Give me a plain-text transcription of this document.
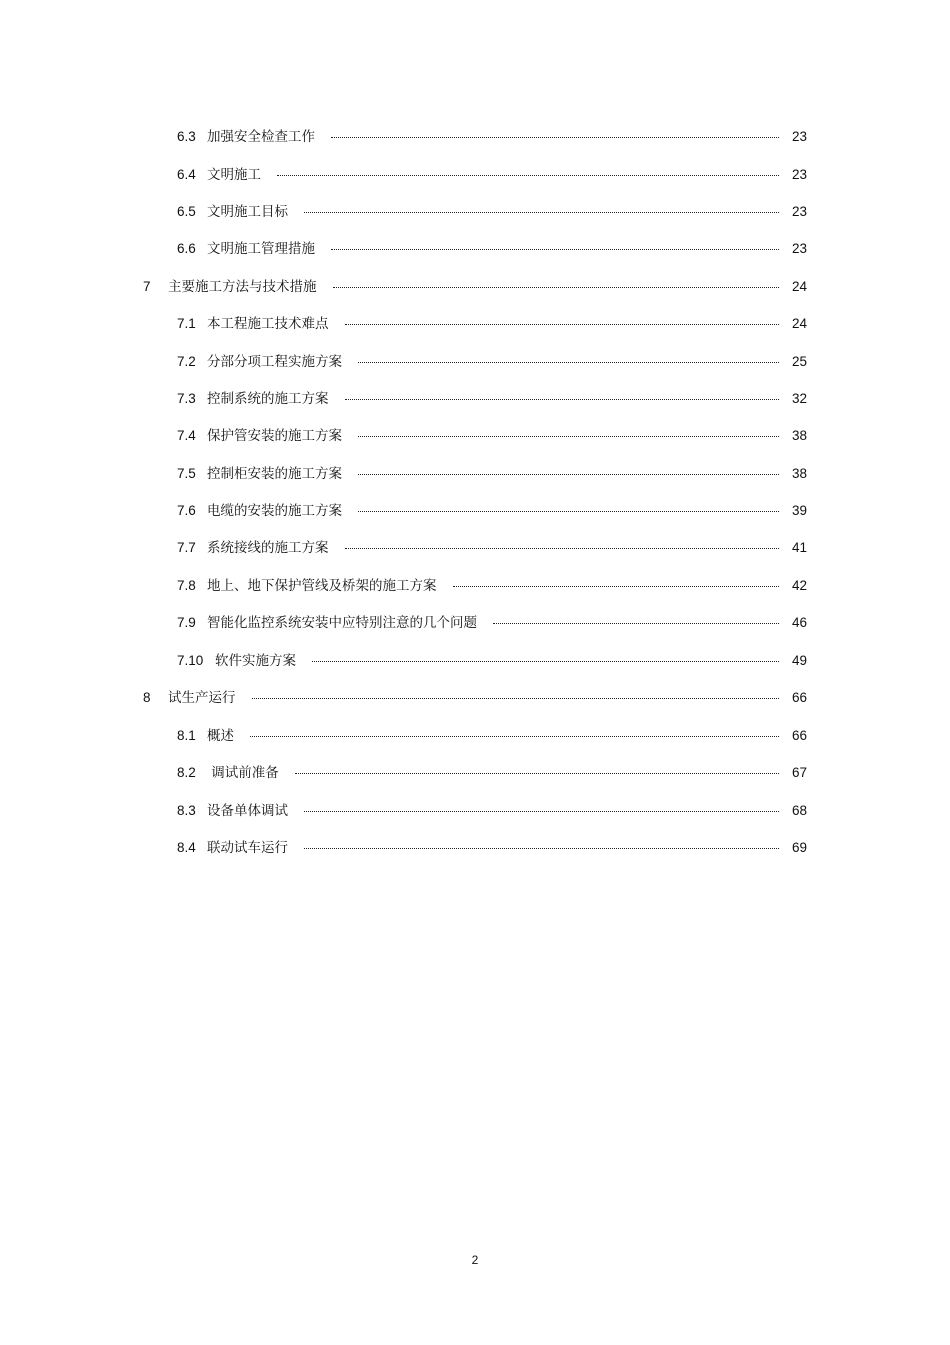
6.3 加强安全检查工作	23
6.4 文明施工	23
6.5 文明施工目标	23
6.6 文明施工管理措施	23
7	主要施工方法与技术措施	24
7.1 本工程施工技术难点	24
7.2 分部分项工程实施方案	25
7.3 控制系统的施工方案	32
7.4 保护管安装的施工方案	38
7.5 控制柜安装的施工方案	38
7.6 电缆的安装的施工方案	39
7.7 系统接线的施工方案	41
7.8 地上、地下保护管线及桥架的施工方案	42
7.9 智能化监控系统安装中应特别注意的几个问题	46
7.10 软件实施方案	49
8	试生产运行	66
8.1 概述	66
8.2 调试前准备	67
8.3 设备单体调试	68
8.4 联动试车运行	69
2
